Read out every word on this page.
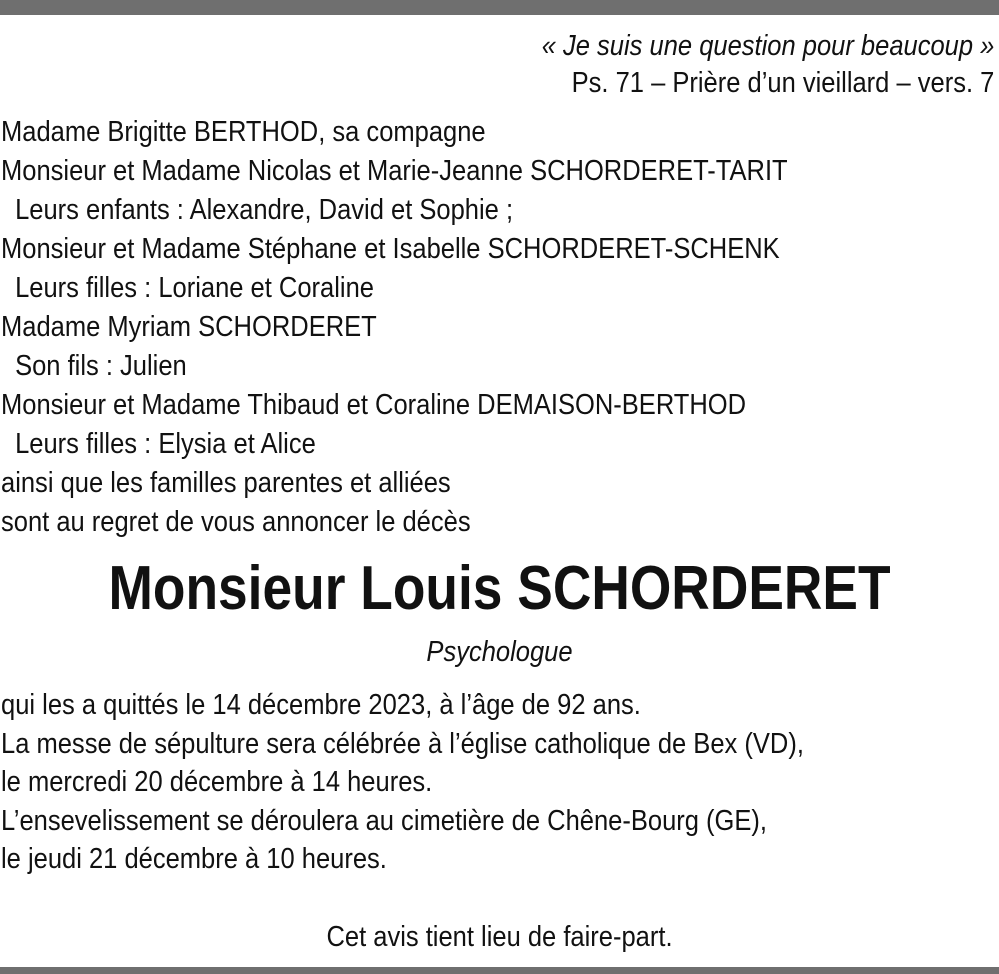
« Je suis une question pour beaucoup »
Ps. 71 – Prière d’un vieillard – vers. 7
Madame Brigitte BERTHOD, sa compagne
Monsieur et Madame Nicolas et Marie-Jeanne SCHORDERET-TARIT
Leurs enfants : Alexandre, David et Sophie ;
Monsieur et Madame Stéphane et Isabelle SCHORDERET-SCHENK
Leurs filles : Loriane et Coraline
Madame Myriam SCHORDERET
Son fils : Julien
Monsieur et Madame Thibaud et Coraline DEMAISON-BERTHOD
Leurs filles : Elysia et Alice
ainsi que les familles parentes et alliées
sont au regret de vous annoncer le décès
Monsieur Louis SCHORDERET
Psychologue
qui les a quittés le 14 décembre 2023, à l’âge de 92 ans.
La messe de sépulture sera célébrée à l’église catholique de Bex (VD),
le mercredi 20 décembre à 14 heures.
L’ensevelissement se déroulera au cimetière de Chêne-Bourg (GE),
le jeudi 21 décembre à 10 heures.
Cet avis tient lieu de faire-part.
